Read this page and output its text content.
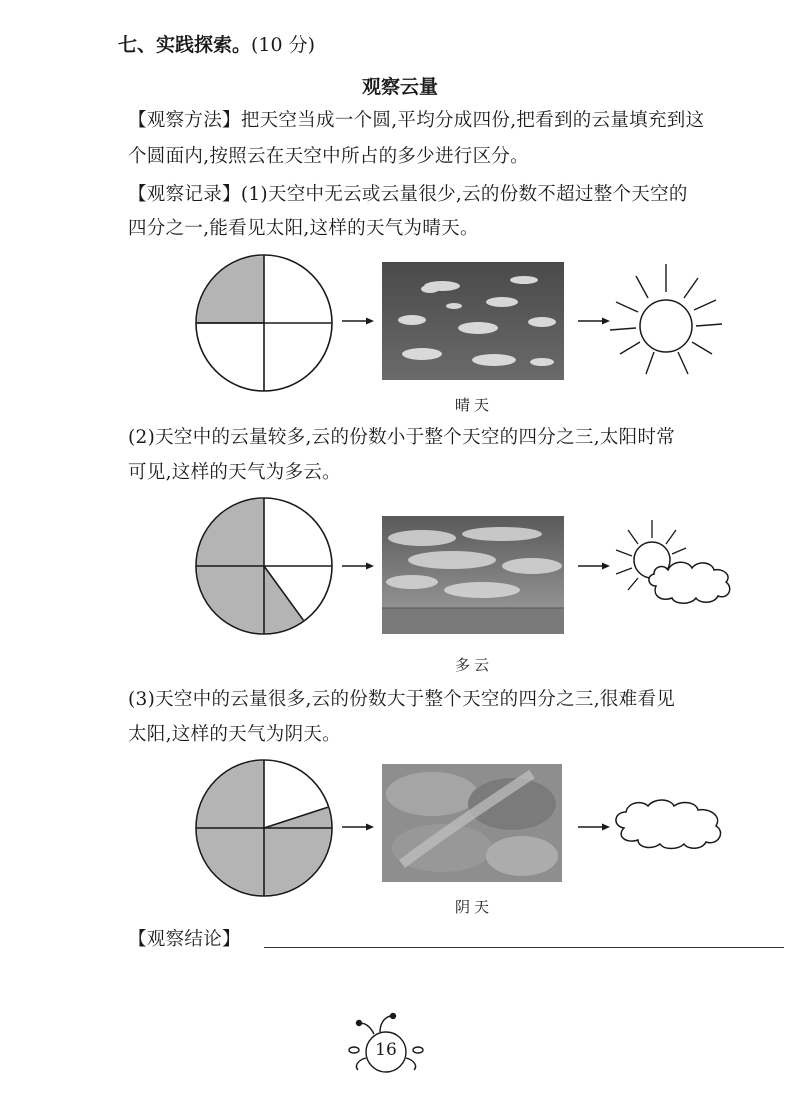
七、实践探索。(10 分)
观察云量
【观察方法】把天空当成一个圆,平均分成四份,把看到的云量填充到这
个圆面内,按照云在天空中所占的多少进行区分。
【观察记录】(1)天空中无云或云量很少,云的份数不超过整个天空的
四分之一,能看见太阳,这样的天气为晴天。
晴天
(2)天空中的云量较多,云的份数小于整个天空的四分之三,太阳时常
可见,这样的天气为多云。
多云
(3)天空中的云量很多,云的份数大于整个天空的四分之三,很难看见
太阳,这样的天气为阴天。
阴天
【观察结论】
16
